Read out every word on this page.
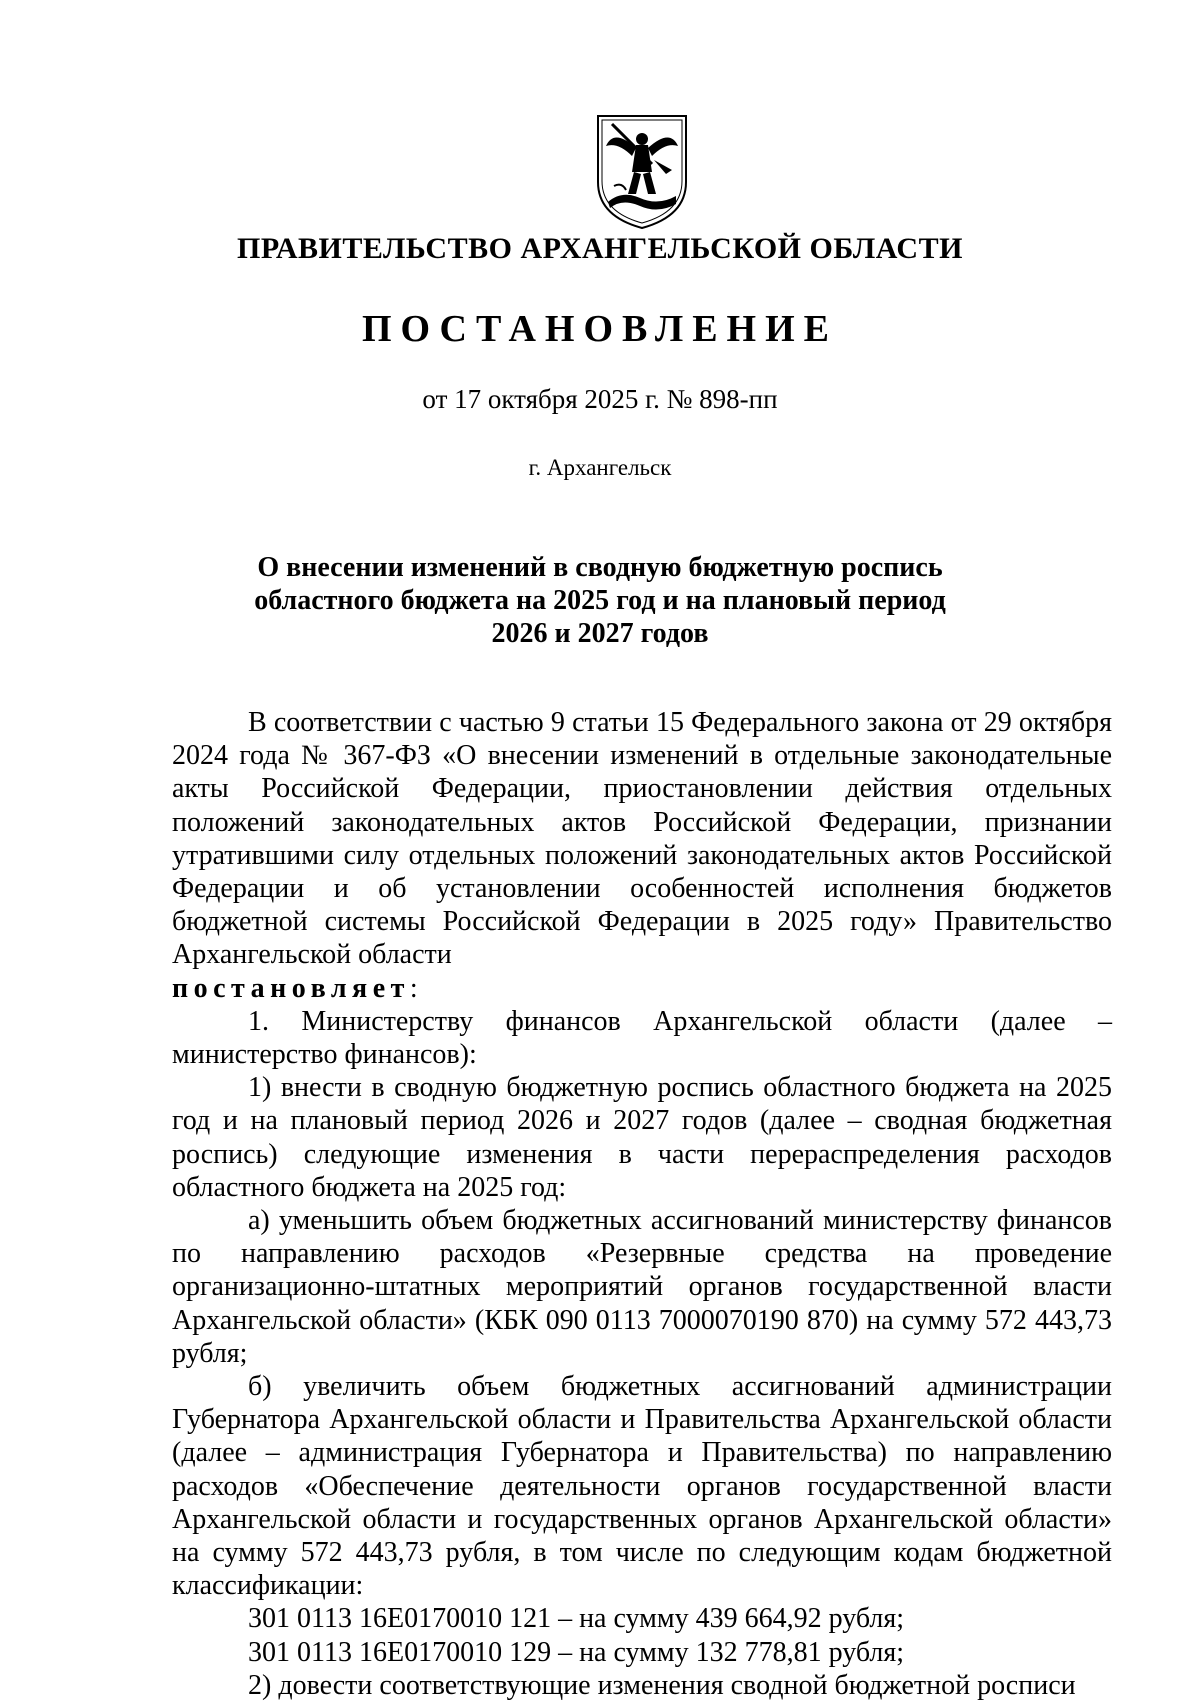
ПРАВИТЕЛЬСТВО АРХАНГЕЛЬСКОЙ ОБЛАСТИ
ПОСТАНОВЛЕНИЕ
от 17 октября 2025 г. № 898-пп
г. Архангельск
О внесении изменений в сводную бюджетную роспись
областного бюджета на 2025 год и на плановый период
2026 и 2027 годов

В соответствии с частью 9 статьи 15 Федерального закона от 29 октября 2024 года № 367-ФЗ «О внесении изменений в отдельные законодательные акты Российской Федерации, приостановлении действия отдельных положений законодательных актов Российской Федерации, признании утратившими силу отдельных положений законодательных актов Российской Федерации и об установлении особенностей исполнения бюджетов бюджетной системы Российской Федерации в 2025 году» Правительство Архангельской области

постановляет:

1. Министерству финансов Архангельской области (далее – министерство финансов):

1) внести в сводную бюджетную роспись областного бюджета на 2025 год и на плановый период 2026 и 2027 годов (далее – сводная бюджетная роспись) следующие изменения в части перераспределения расходов областного бюджета на 2025 год:

а) уменьшить объем бюджетных ассигнований министерству финансов по направлению расходов «Резервные средства на проведение организационно-штатных мероприятий органов государственной власти Архангельской области» (КБК 090 0113 7000070190 870) на сумму 572 443,73 рубля;

б) увеличить объем бюджетных ассигнований администрации Губернатора Архангельской области и Правительства Архангельской области (далее – администрация Губернатора и Правительства) по направлению расходов «Обеспечение деятельности органов государственной власти Архангельской области и государственных органов Архангельской области» на сумму 572 443,73 рубля, в том числе по следующим кодам бюджетной классификации:

301 0113 16Е0170010 121 – на сумму 439 664,92 рубля;

301 0113 16Е0170010 129 – на сумму 132 778,81 рубля;

2) довести соответствующие изменения сводной бюджетной росписи
